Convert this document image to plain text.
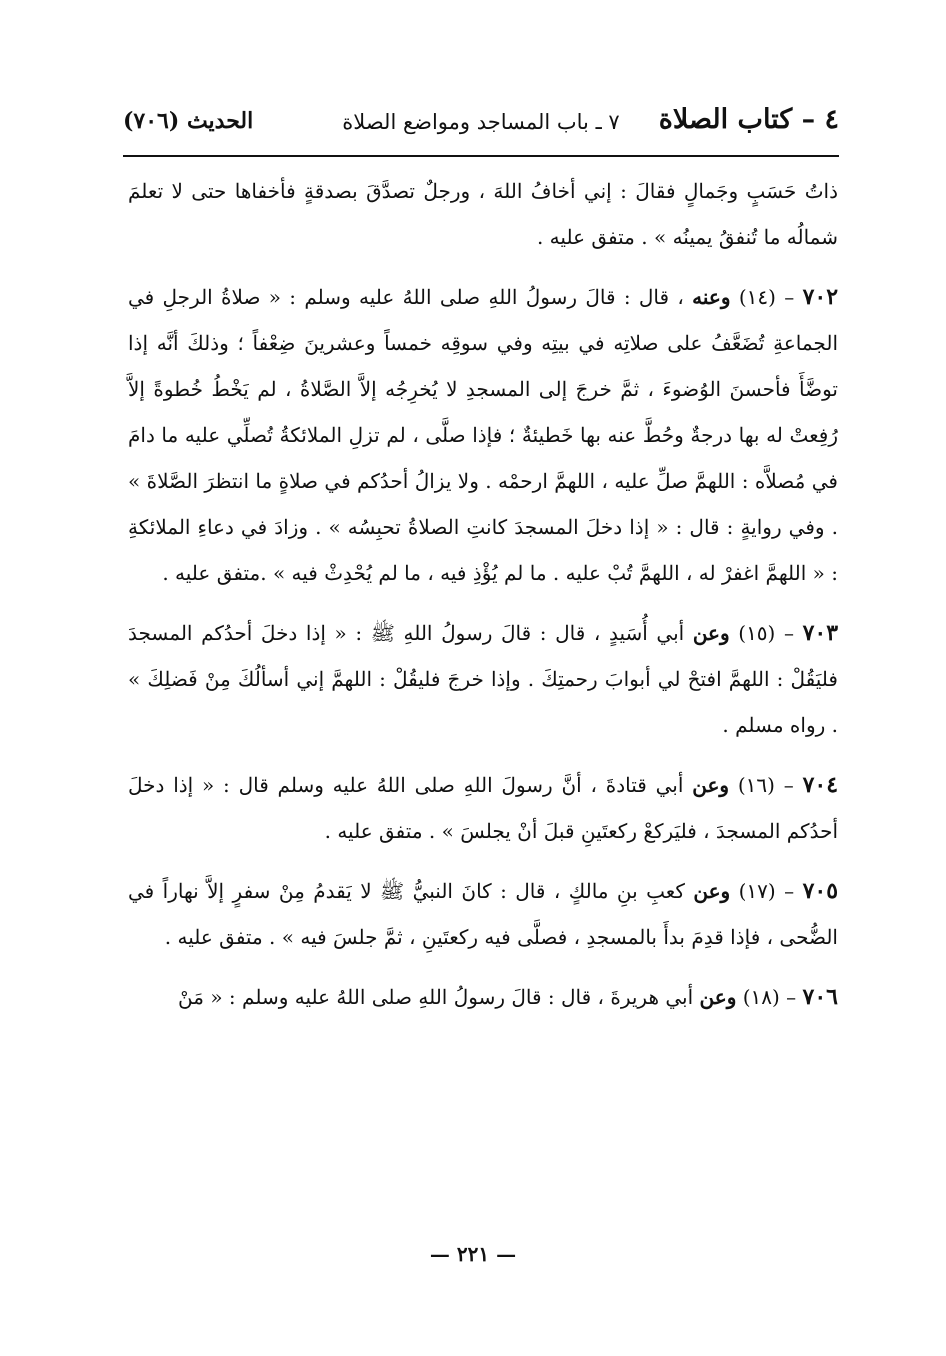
٤ – كتاب الصلاة
٧ ـ باب المساجد ومواضع الصلاة
الحديث (٧٠٦)

ذاتُ حَسَبٍ وجَمالٍ فقالَ : إني أخافُ اللهَ ، ورجلٌ تصدَّقَ بصدقةٍ فأخفاها حتى لا تعلمَ شمالُه ما تُنفقُ يمينُه » . متفق عليه .

٧٠٢ – (١٤) وعنه ، قال : قالَ رسولُ اللهِ صلى اللهُ عليه وسلم : « صلاةُ الرجلِ في الجماعةِ تُضَعَّفُ على صلاتِه في بيتِه وفي سوقِه خمساً وعشرينَ ضِعْفاً ؛ وذلكَ أنَّه إذا توضَّأَ فأحسنَ الوُضوءَ ، ثمَّ خرجَ إلى المسجدِ لا يُخرِجُه إلاَّ الصَّلاةُ ، لم يَخْطُ خُطوةً إلاَّ رُفِعتْ له بها درجةٌ وحُطَّ عنه بها خَطيئةٌ ؛ فإذا صلَّى ، لم تزلِ الملائكةُ تُصلِّي عليه ما دامَ في مُصلاَّه : اللهمَّ صلِّ عليه ، اللهمَّ ارحمْه . ولا يزالُ أحدُكم في صلاةٍ ما انتظرَ الصَّلاةَ » . وفي روايةٍ : قال : « إذا دخلَ المسجدَ كانتِ الصلاةُ تحبِسُه » . وزادَ في دعاءِ الملائكةِ : « اللهمَّ اغفرْ له ، اللهمَّ تُبْ عليه . ما لم يُؤْذِ فيه ، ما لم يُحْدِثْ فيه » .متفق عليه .

٧٠٣ – (١٥) وعن أبي أُسَيدٍ ، قال : قالَ رسولُ اللهِ ﷺ : « إذا دخلَ أحدُكم المسجدَ فليَقُلْ : اللهمَّ افتحْ لي أبوابَ رحمتِكَ . وإذا خرجَ فليقُلْ : اللهمَّ إني أسألُكَ مِنْ فَضلِكَ » . رواه مسلم .

٧٠٤ – (١٦) وعن أبي قتادةَ ، أنَّ رسولَ اللهِ صلى اللهُ عليه وسلم قال : « إذا دخلَ أحدُكم المسجدَ ، فليَركعْ ركعتَينِ قبلَ أنْ يجلسَ » . متفق عليه .

٧٠٥ – (١٧) وعن كعبِ بنِ مالكٍ ، قال : كانَ النبيُّ ﷺ لا يَقدمُ مِنْ سفرٍ إلاَّ نهاراً في الضُّحى ، فإذا قدِمَ بدأَ بالمسجدِ ، فصلَّى فيه ركعتَينِ ، ثمَّ جلسَ فيه » . متفق عليه .

٧٠٦ – (١٨) وعن أبي هريرةَ ، قال : قالَ رسولُ اللهِ صلى اللهُ عليه وسلم : « مَنْ

— ٢٢١ —
